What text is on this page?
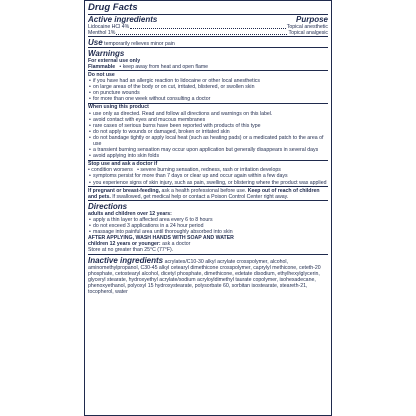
Drug Facts
Active ingredients	Purpose
Lidocaine HCl 4%	Topical anesthetic
Menthol 1%	Topical analgesic
Use temporarily relieves minor pain
Warnings
For external use only
Flammable   • keep away from heat and open flame
Do not use
• if you have had an allergic reaction to lidocaine or other local anesthetics
• on large areas of the body or on cut, irritated, blistered, or swollen skin
• on puncture wounds
• for more than one week without consulting a doctor
When using this product
• use only as directed. Read and follow all directions and warnings on this label.
• avoid contact with eyes and mucous membranes
• rare cases of serious burns have been reported with products of this type
• do not apply to wounds or damaged, broken or irritated skin
• do not bandage tightly or apply local heat (such as heating pads) or a medicated patch to the area of use
• a transient burning sensation may occur upon application but generally disappears in several days
• avoid applying into skin folds
Stop use and ask a doctor if
• condition worsens   • severe burning sensation, redness, rash or irritation develops
• symptoms persist for more than 7 days or clear up and occur again within a few days
• you experience signs of skin injury, such as pain, swelling, or blistering where the product was applied
If pregnant or breast-feeding, ask a health professional before use. Keep out of reach of children and pets. If swallowed, get medical help or contact a Poison Control Center right away.
Directions
adults and children over 12 years:
• apply a thin layer to affected area every 6 to 8 hours
• do not exceed 3 applications in a 24 hour period
• massage into painful area until thoroughly absorbed into skin
AFTER APPLYING, WASH HANDS WITH SOAP AND WATER
children 12 years or younger: ask a doctor
Store at no greater than 25°C (77°F).
Inactive ingredients acrylates/C10-30 alkyl acrylate crosspolymer, alcohol, aminomethylpropanol, C30-45 alkyl cetearyl dimethicone crosspolymer, caprylyl methicone, ceteth-20 phosphate, cetostearyl alcohol, dicetyl phosphate, dimethicone, edetate disodium, ethylhexylglycerin, glyceryl stearate, hydroxyethyl acrylate/sodium acryloyldimethyl taurate copolymer, isohexadecane, phenoxyethanol, polyoxyl 15 hydroxystearate, polysorbate 60, sorbitan isostearate, steareth-21, tocopherol, water
